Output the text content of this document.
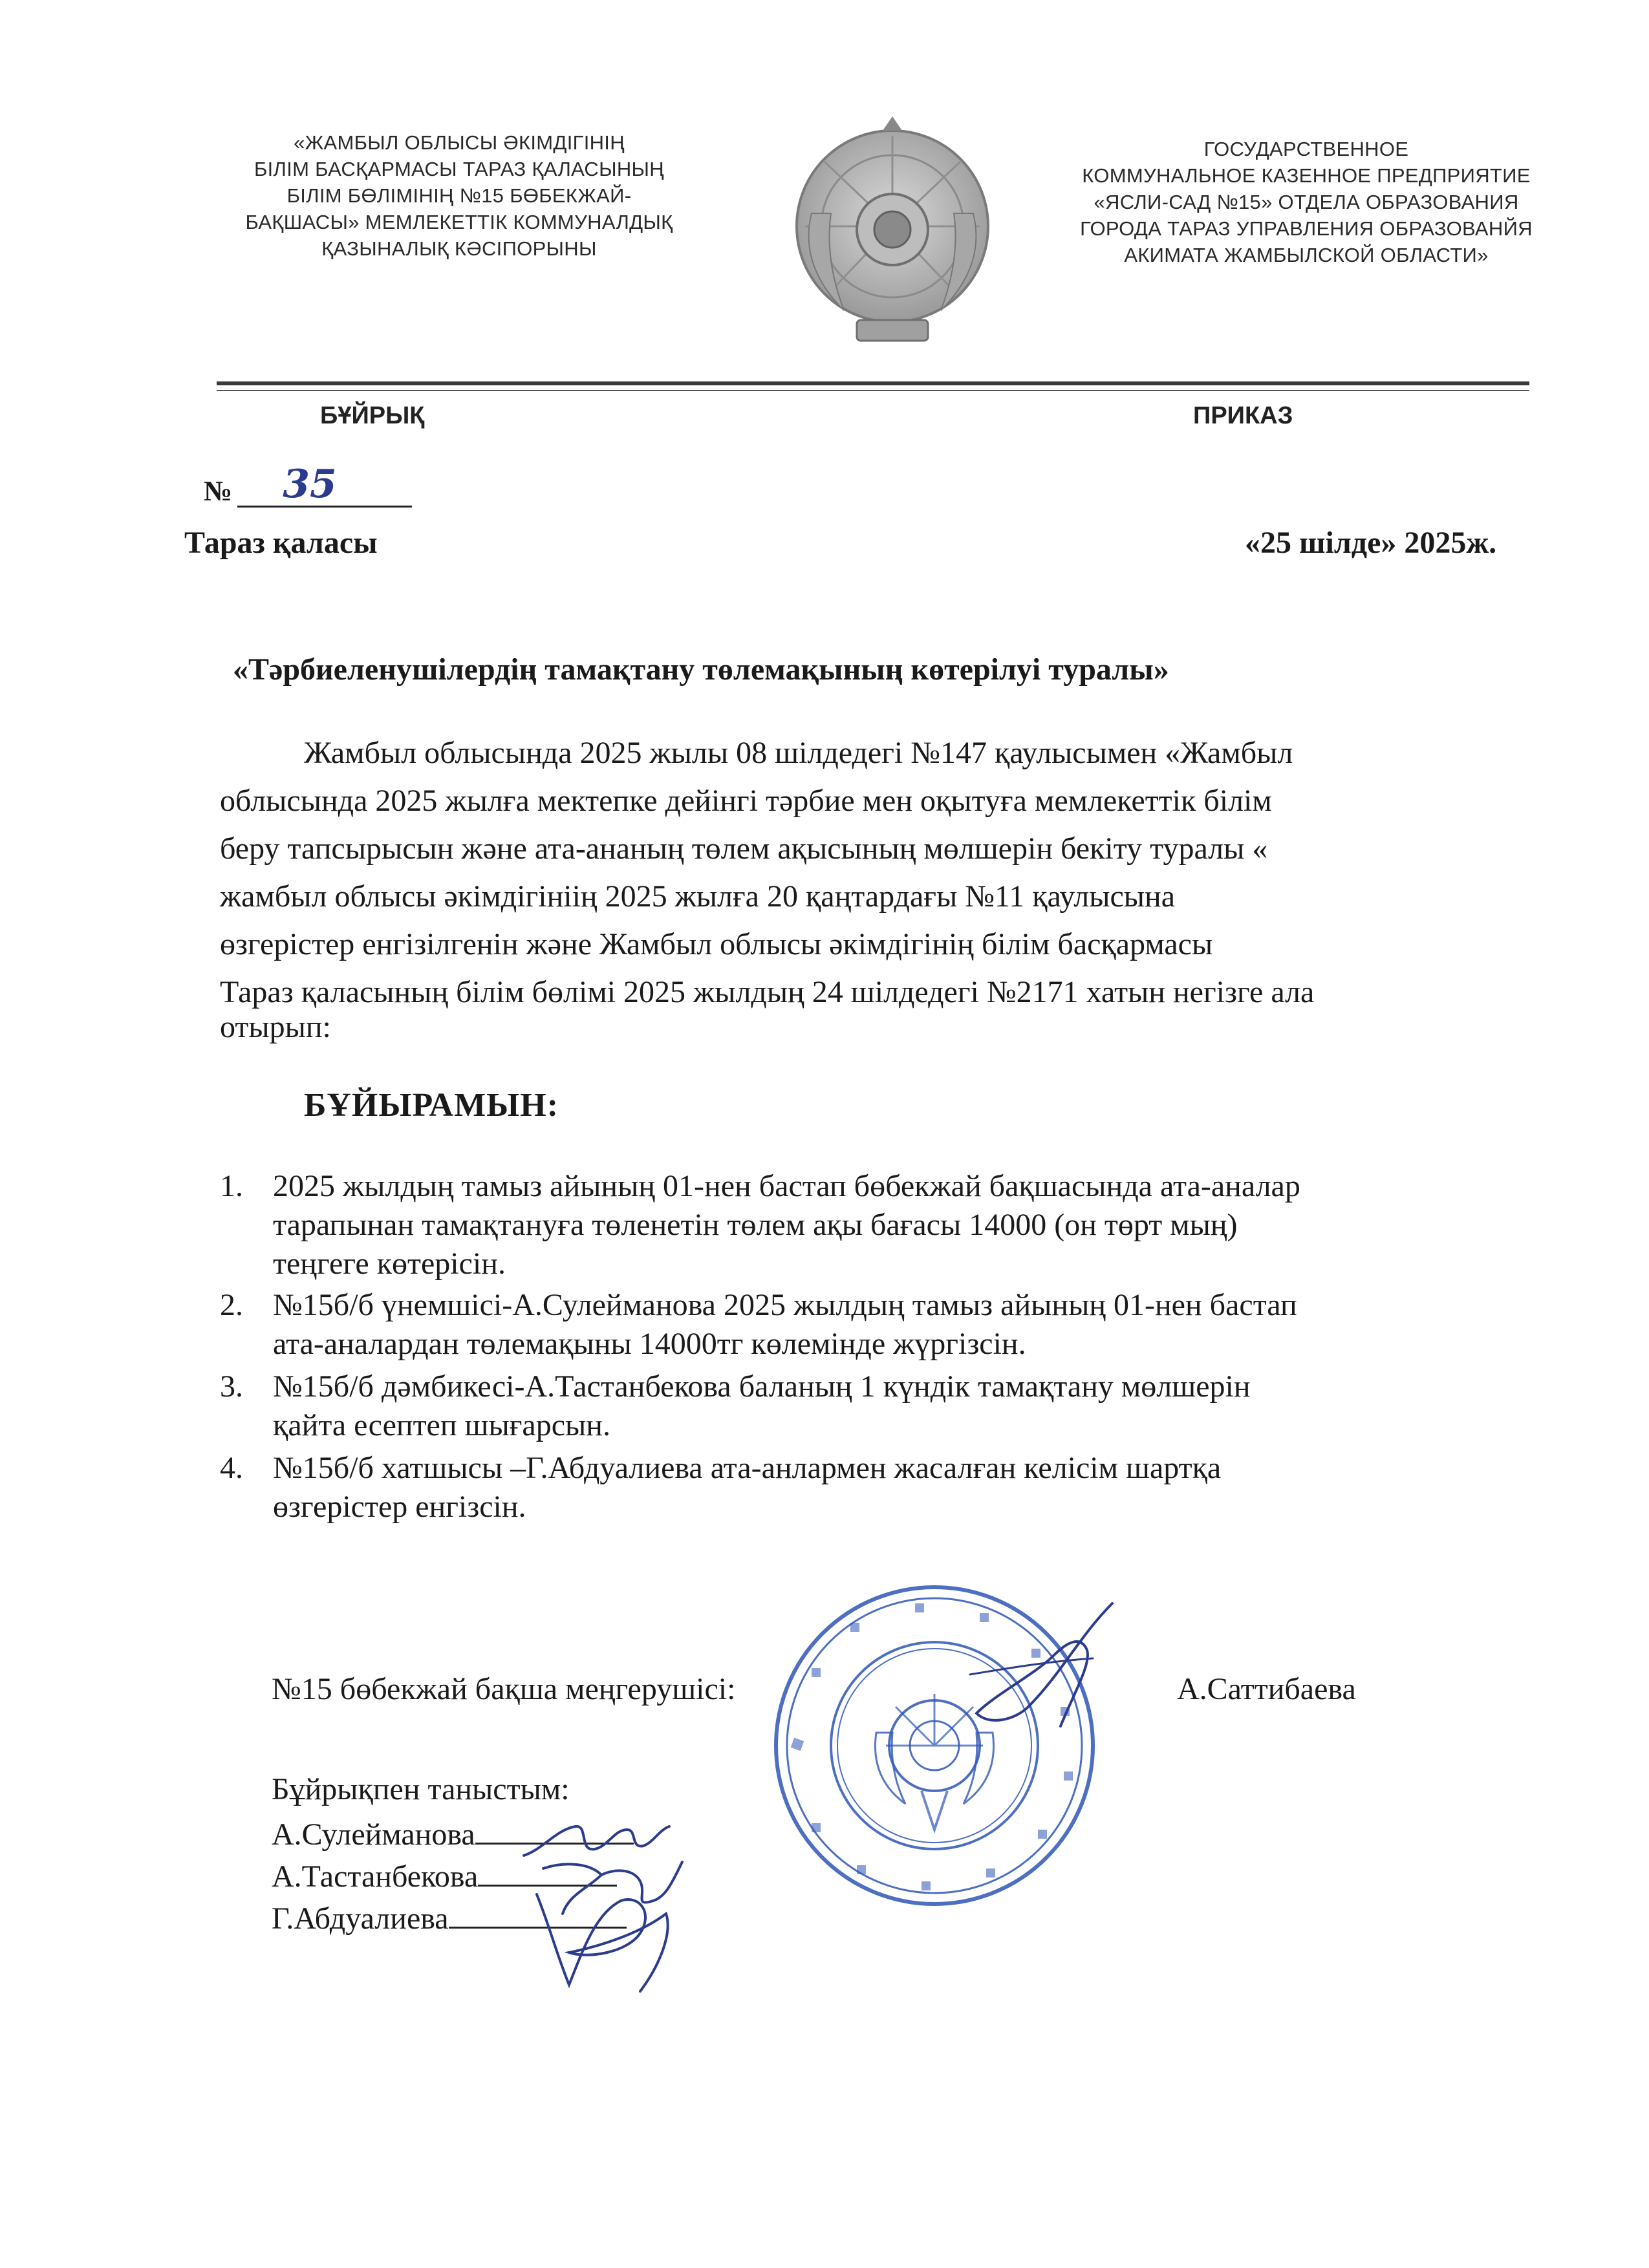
«ЖАМБЫЛ ОБЛЫСЫ ӘКІМДІГІНІҢ
БІЛІМ БАСҚАРМАСЫ ТАРАЗ ҚАЛАСЫНЫҢ
БІЛІМ БӨЛІМІНІҢ №15 БӨБЕКЖАЙ-
БАҚШАСЫ» МЕМЛЕКЕТТІК КОММУНАЛДЫҚ
ҚАЗЫНАЛЫҚ КӘСІПОРЫНЫ
ГОСУДАРСТВЕННОЕ
КОММУНАЛЬНОЕ КАЗЕННОЕ ПРЕДПРИЯТИЕ
«ЯСЛИ-САД №15» ОТДЕЛА ОБРАЗОВАНИЯ
ГОРОДА ТАРАЗ УПРАВЛЕНИЯ ОБРАЗОВАНЙЯ
АКИМАТА ЖАМБЫЛСКОЙ ОБЛАСТИ»
БҰЙРЫҚ	ПРИКАЗ
№ 35
Тараз қаласы	«25 шілде» 2025ж.
«Тәрбиеленушілердің тамақтану төлемақының көтерілуі туралы»
Жамбыл облысында 2025 жылы 08 шілдедегі №147 қаулысымен «Жамбыл
облысында 2025 жылға мектепке дейінгі тәрбие мен оқытуға мемлекеттік білім
беру тапсырысын және ата-ананың төлем ақысының мөлшерін бекіту туралы «
жамбыл облысы әкімдігініің 2025 жылға 20 қаңтардағы №11 қаулысына
өзгерістер енгізілгенін және Жамбыл облысы әкімдігінің білім басқармасы
Тараз қаласының білім бөлімі 2025 жылдың 24 шілдедегі №2171 хатын негізге ала
отырып:
БҰЙЫРАМЫН:
1. 2025 жылдың тамыз айының 01-нен бастап бөбекжай бақшасында ата-аналар
тарапынан тамақтануға төленетін төлем ақы бағасы 14000 (он төрт мың)
теңгеге көтерісін.
2. №15б/б үнемшісі-А.Сулейманова 2025 жылдың тамыз айының 01-нен бастап
ата-аналардан төлемақыны 14000тг көлемінде жүргізсін.
3. №15б/б дәмбикесі-А.Тастанбекова баланың 1 күндік тамақтану мөлшерін
қайта есептеп шығарсын.
4. №15б/б хатшысы –Г.Абдуалиева ата-анлармен жасалған келісім шартқа
өзгерістер енгізсін.
№15 бөбекжай бақша меңгерушісі:	А.Саттибаева
Бұйрықпен таныстым:
А.Сулейманова
А.Тастанбекова
Г.Абдуалиева
